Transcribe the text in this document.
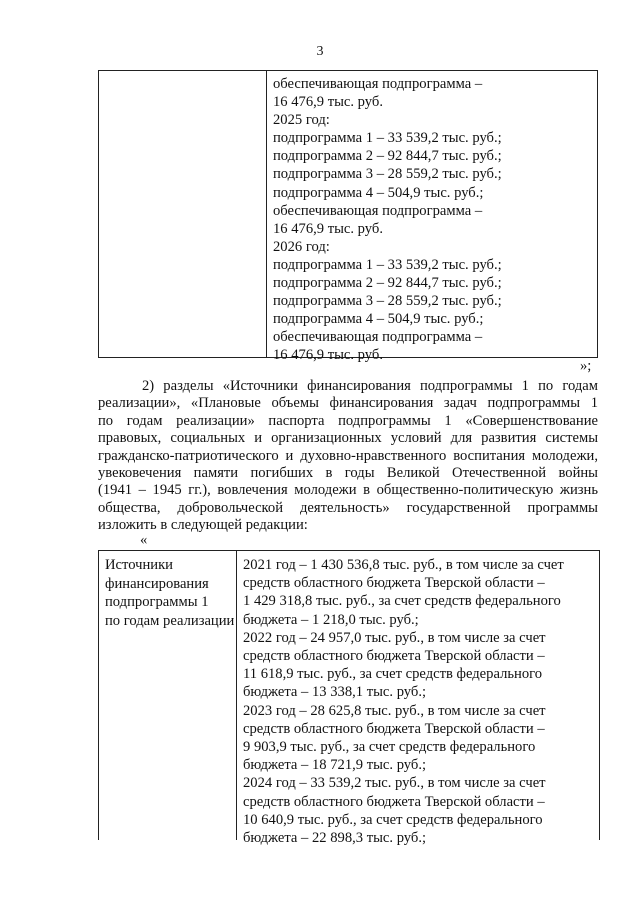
3
обеспечивающая подпрограмма –
16 476,9 тыс. руб.
2025 год:
подпрограмма 1 – 33 539,2 тыс. руб.;
подпрограмма 2 – 92 844,7 тыс. руб.;
подпрограмма 3 – 28 559,2 тыс. руб.;
подпрограмма 4 – 504,9 тыс. руб.;
обеспечивающая подпрограмма –
16 476,9 тыс. руб.
2026 год:
подпрограмма 1 – 33 539,2 тыс. руб.;
подпрограмма 2 – 92 844,7 тыс. руб.;
подпрограмма 3 – 28 559,2 тыс. руб.;
подпрограмма 4 – 504,9 тыс. руб.;
обеспечивающая подпрограмма –
16 476,9 тыс. руб.
»;
2) разделы «Источники финансирования подпрограммы 1 по годам
реализации», «Плановые объемы финансирования задач подпрограммы 1
по годам реализации» паспорта подпрограммы 1 «Совершенствование
правовых, социальных и организационных условий для развития системы
гражданско-патриотического и духовно-нравственного воспитания молодежи,
увековечения памяти погибших в годы Великой Отечественной войны
(1941 – 1945 гг.), вовлечения молодежи в общественно-политическую жизнь
общества, добровольческой деятельность» государственной программы
изложить в следующей редакции:
«
Источники
финансирования
подпрограммы 1
по годам реализации
2021 год – 1 430 536,8 тыс. руб., в том числе за счет
средств областного бюджета Тверской области –
1 429 318,8 тыс. руб., за счет средств федерального
бюджета – 1 218,0 тыс. руб.;
2022 год – 24 957,0 тыс. руб., в том числе за счет
средств областного бюджета Тверской области –
11 618,9 тыс. руб., за счет средств федерального
бюджета – 13 338,1 тыс. руб.;
2023 год – 28 625,8 тыс. руб., в том числе за счет
средств областного бюджета Тверской области –
9 903,9 тыс. руб., за счет средств федерального
бюджета – 18 721,9 тыс. руб.;
2024 год – 33 539,2 тыс. руб., в том числе за счет
средств областного бюджета Тверской области –
10 640,9 тыс. руб., за счет средств федерального
бюджета – 22 898,3 тыс. руб.;
